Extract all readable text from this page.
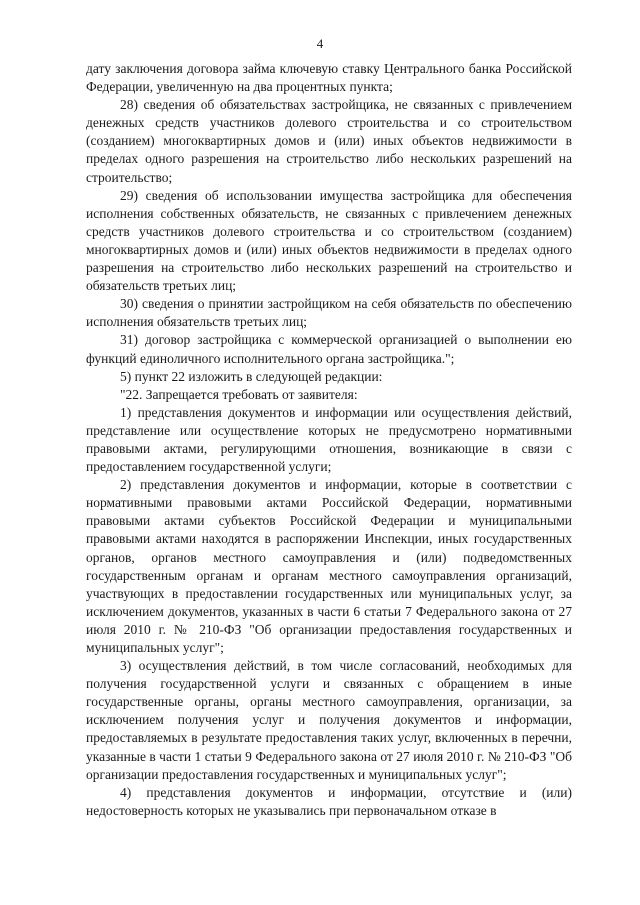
4

дату заключения договора займа ключевую ставку Центрального банка Российской Федерации, увеличенную на два процентных пункта;

28) сведения об обязательствах застройщика, не связанных с привлечением денежных средств участников долевого строительства и со строительством (созданием) многоквартирных домов и (или) иных объектов недвижимости в пределах одного разрешения на строительство либо нескольких разрешений на строительство;

29) сведения об использовании имущества застройщика для обеспечения исполнения собственных обязательств, не связанных с привлечением денежных средств участников долевого строительства и со строительством (созданием) многоквартирных домов и (или) иных объектов недвижимости в пределах одного разрешения на строительство либо нескольких разрешений на строительство и обязательств третьих лиц;

30) сведения о принятии застройщиком на себя обязательств по обеспечению исполнения обязательств третьих лиц;

31) договор застройщика с коммерческой организацией о выполнении ею функций единоличного исполнительного органа застройщика.";

5) пункт 22 изложить в следующей редакции:

"22. Запрещается требовать от заявителя:

1) представления документов и информации или осуществления действий, представление или осуществление которых не предусмотрено нормативными правовыми актами, регулирующими отношения, возникающие в связи с предоставлением государственной услуги;

2) представления документов и информации, которые в соответствии с нормативными правовыми актами Российской Федерации, нормативными правовыми актами субъектов Российской Федерации и муниципальными правовыми актами находятся в распоряжении Инспекции, иных государственных органов, органов местного самоуправления и (или) подведомственных государственным органам и органам местного самоуправления организаций, участвующих в предоставлении государственных или муниципальных услуг, за исключением документов, указанных в части 6 статьи 7 Федерального закона от 27 июля 2010 г. № 210-ФЗ "Об организации предоставления государственных и муниципальных услуг";

3) осуществления действий, в том числе согласований, необходимых для получения государственной услуги и связанных с обращением в иные государственные органы, органы местного самоуправления, организации, за исключением получения услуг и получения документов и информации, предоставляемых в результате предоставления таких услуг, включенных в перечни, указанные в части 1 статьи 9 Федерального закона от 27 июля 2010 г. № 210-ФЗ "Об организации предоставления государственных и муниципальных услуг";

4) представления документов и информации, отсутствие и (или) недостоверность которых не указывались при первоначальном отказе в
